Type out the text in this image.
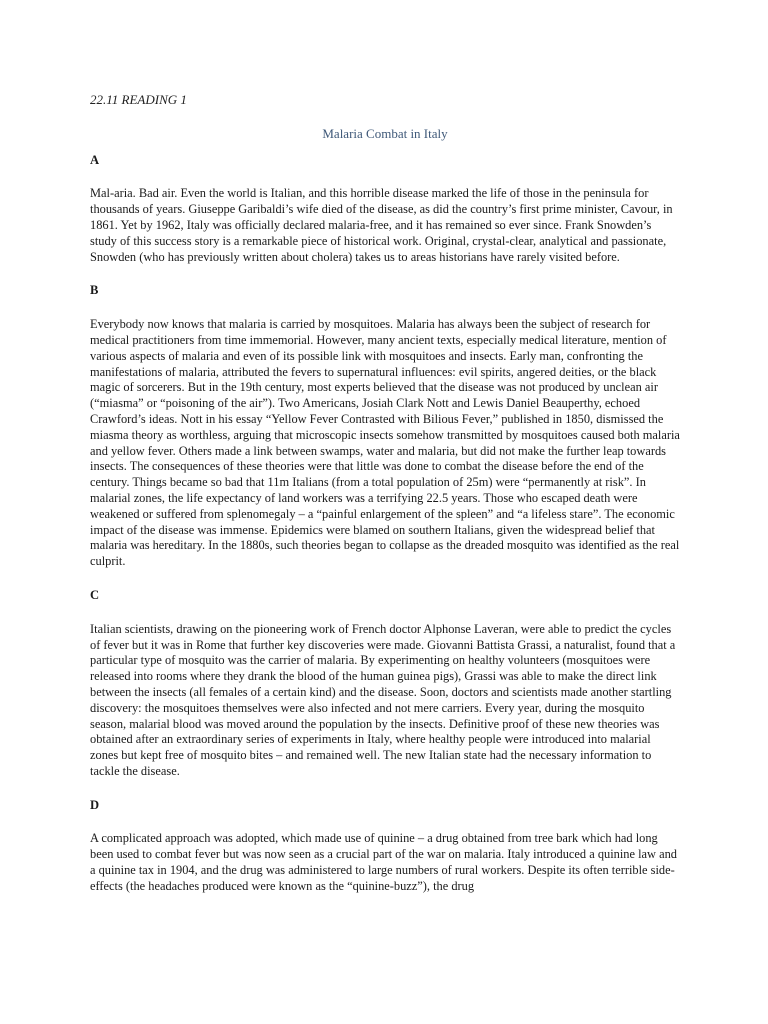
22.11 READING 1

Malaria Combat in Italy

A

Mal-aria. Bad air. Even the world is Italian, and this horrible disease marked the life of those in the peninsula for thousands of years. Giuseppe Garibaldi’s wife died of the disease, as did the country’s first prime minister, Cavour, in 1861. Yet by 1962, Italy was officially declared malaria-free, and it has remained so ever since. Frank Snowden’s study of this success story is a remarkable piece of historical work. Original, crystal-clear, analytical and passionate, Snowden (who has previously written about cholera) takes us to areas historians have rarely visited before.

B

Everybody now knows that malaria is carried by mosquitoes. Malaria has always been the subject of research for medical practitioners from time immemorial. However, many ancient texts, especially medical literature, mention of various aspects of malaria and even of its possible link with mosquitoes and insects. Early man, confronting the manifestations of malaria, attributed the fevers to supernatural influences: evil spirits, angered deities, or the black magic of sorcerers. But in the 19th century, most experts believed that the disease was not produced by unclean air (“miasma” or “poisoning of the air”). Two Americans, Josiah Clark Nott and Lewis Daniel Beauperthy, echoed Crawford’s ideas. Nott in his essay “Yellow Fever Contrasted with Bilious Fever,” published in 1850, dismissed the miasma theory as worthless, arguing that microscopic insects somehow transmitted by mosquitoes caused both malaria and yellow fever. Others made a link between swamps, water and malaria, but did not make the further leap towards insects. The consequences of these theories were that little was done to combat the disease before the end of the century. Things became so bad that 11m Italians (from a total population of 25m) were “permanently at risk”. In malarial zones, the life expectancy of land workers was a terrifying 22.5 years. Those who escaped death were weakened or suffered from splenomegaly – a “painful enlargement of the spleen” and “a lifeless stare”. The economic impact of the disease was immense. Epidemics were blamed on southern Italians, given the widespread belief that malaria was hereditary. In the 1880s, such theories began to collapse as the dreaded mosquito was identified as the real culprit.

C

Italian scientists, drawing on the pioneering work of French doctor Alphonse Laveran, were able to predict the cycles of fever but it was in Rome that further key discoveries were made. Giovanni Battista Grassi, a naturalist, found that a particular type of mosquito was the carrier of malaria. By experimenting on healthy volunteers (mosquitoes were released into rooms where they drank the blood of the human guinea pigs), Grassi was able to make the direct link between the insects (all females of a certain kind) and the disease. Soon, doctors and scientists made another startling discovery: the mosquitoes themselves were also infected and not mere carriers. Every year, during the mosquito season, malarial blood was moved around the population by the insects. Definitive proof of these new theories was obtained after an extraordinary series of experiments in Italy, where healthy people were introduced into malarial zones but kept free of mosquito bites – and remained well. The new Italian state had the necessary information to tackle the disease.

D

A complicated approach was adopted, which made use of quinine – a drug obtained from tree bark which had long been used to combat fever but was now seen as a crucial part of the war on malaria. Italy introduced a quinine law and a quinine tax in 1904, and the drug was administered to large numbers of rural workers. Despite its often terrible side-effects (the headaches produced were known as the “quinine-buzz”), the drug
